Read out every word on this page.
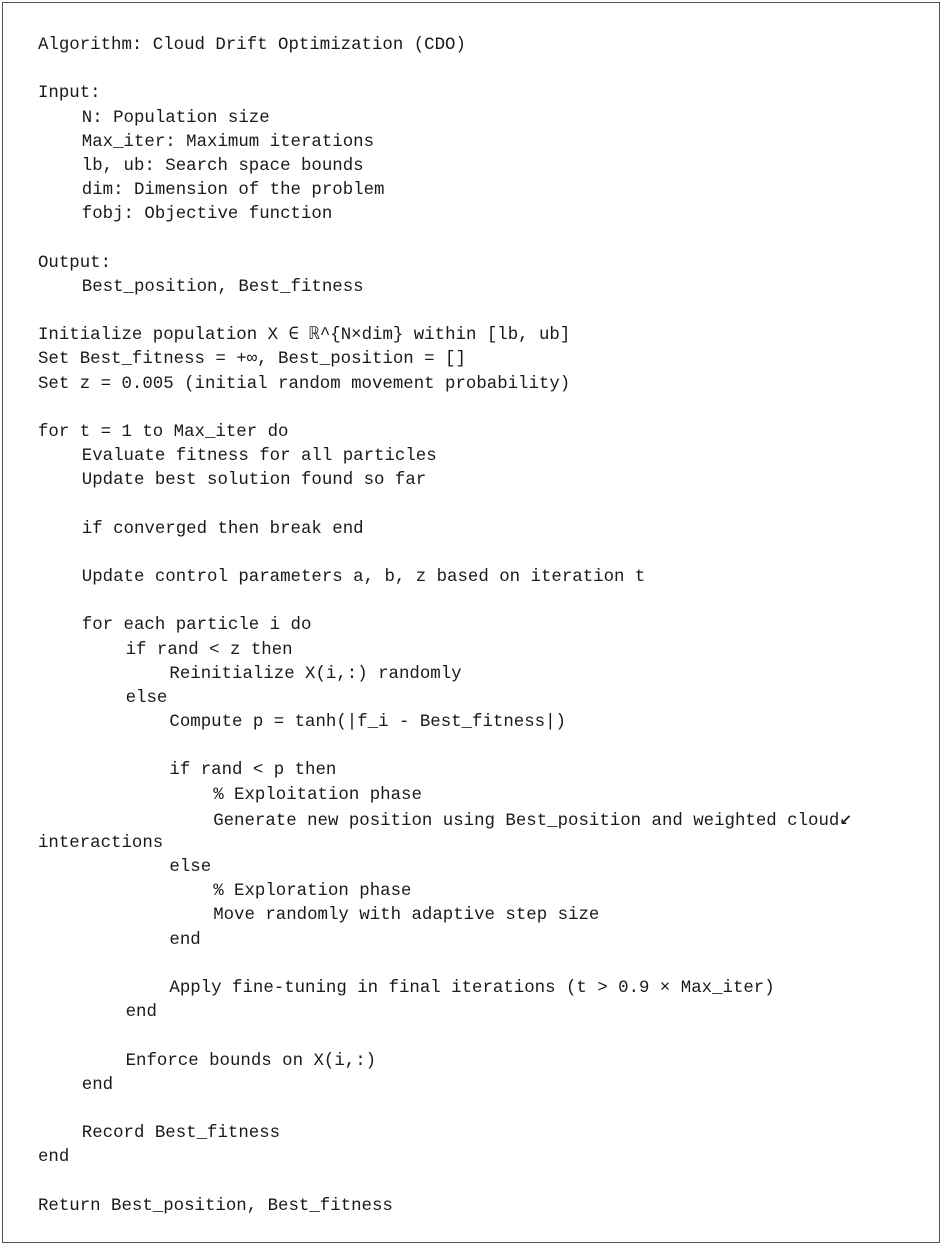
Algorithm: Cloud Drift Optimization (CDO)
Input:
N: Population size
Max_iter: Maximum iterations
lb, ub: Search space bounds
dim: Dimension of the problem
fobj: Objective function
Output:
Best_position, Best_fitness
Initialize population X ∈ ℝ^{N×dim} within [lb, ub]
Set Best_fitness = +∞, Best_position = []
Set z = 0.005 (initial random movement probability)
for t = 1 to Max_iter do
Evaluate fitness for all particles
Update best solution found so far
if converged then break end
Update control parameters a, b, z based on iteration t
for each particle i do
if rand < z then
Reinitialize X(i,:) randomly
else
Compute p = tanh(|f_i - Best_fitness|)
if rand < p then
% Exploitation phase
Generate new position using Best_position and weighted cloud↙
interactions
else
% Exploration phase
Move randomly with adaptive step size
end
Apply fine-tuning in final iterations (t > 0.9 × Max_iter)
end
Enforce bounds on X(i,:)
end
Record Best_fitness
end
Return Best_position, Best_fitness
